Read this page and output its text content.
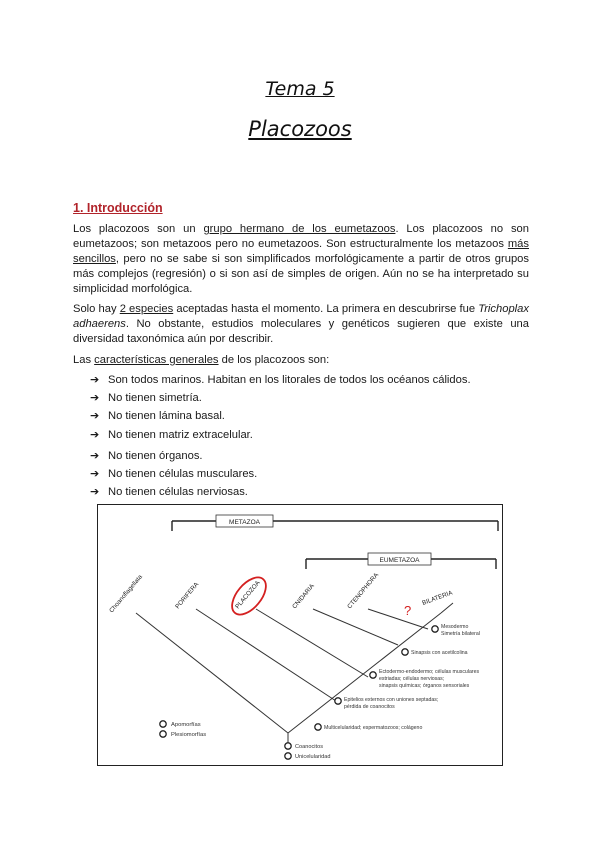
Tema 5
Placozoos
1. Introducción

Los placozoos son un grupo hermano de los eumetazoos. Los placozoos no son eumetazoos; son metazoos pero no eumetazoos. Son estructuralmente los metazoos más sencillos, pero no se sabe si son simplificados morfológicamente a partir de otros grupos más complejos (regresión) o si son así de simples de origen. Aún no se ha interpretado su simplicidad morfológica.

Solo hay 2 especies aceptadas hasta el momento. La primera en descubrirse fue Trichoplax adhaerens. No obstante, estudios moleculares y genéticos sugieren que existe una diversidad taxonómica aún por describir.

Las características generales de los placozoos son:

➔ Son todos marinos. Habitan en los litorales de todos los océanos cálidos.
➔ No tienen simetría.
➔ No tienen lámina basal.
➔ No tienen matriz extracelular.
➔ No tienen órganos.
➔ No tienen células musculares.
➔ No tienen células nerviosas.
METAZOA
EUMETAZOA
Choanoflagellata	PORIFERA	PLACOZOA	CNIDARIA	CTENOPHORA	BILATERIA
?
Mesodermo
Simetría bilateral
Sinapsis con acetilcolina
Ectodermo-endodermo; células musculares
estriadas; células nerviosas;
sinapsis químicas; órganos sensoriales
Epitelios externos con uniones septadas;
pérdida de coanocitos
Multicelularidad; espermatozoos; colágeno
Coanocitos
Unicelularidad
Apomorfías
Plesiomorfías
